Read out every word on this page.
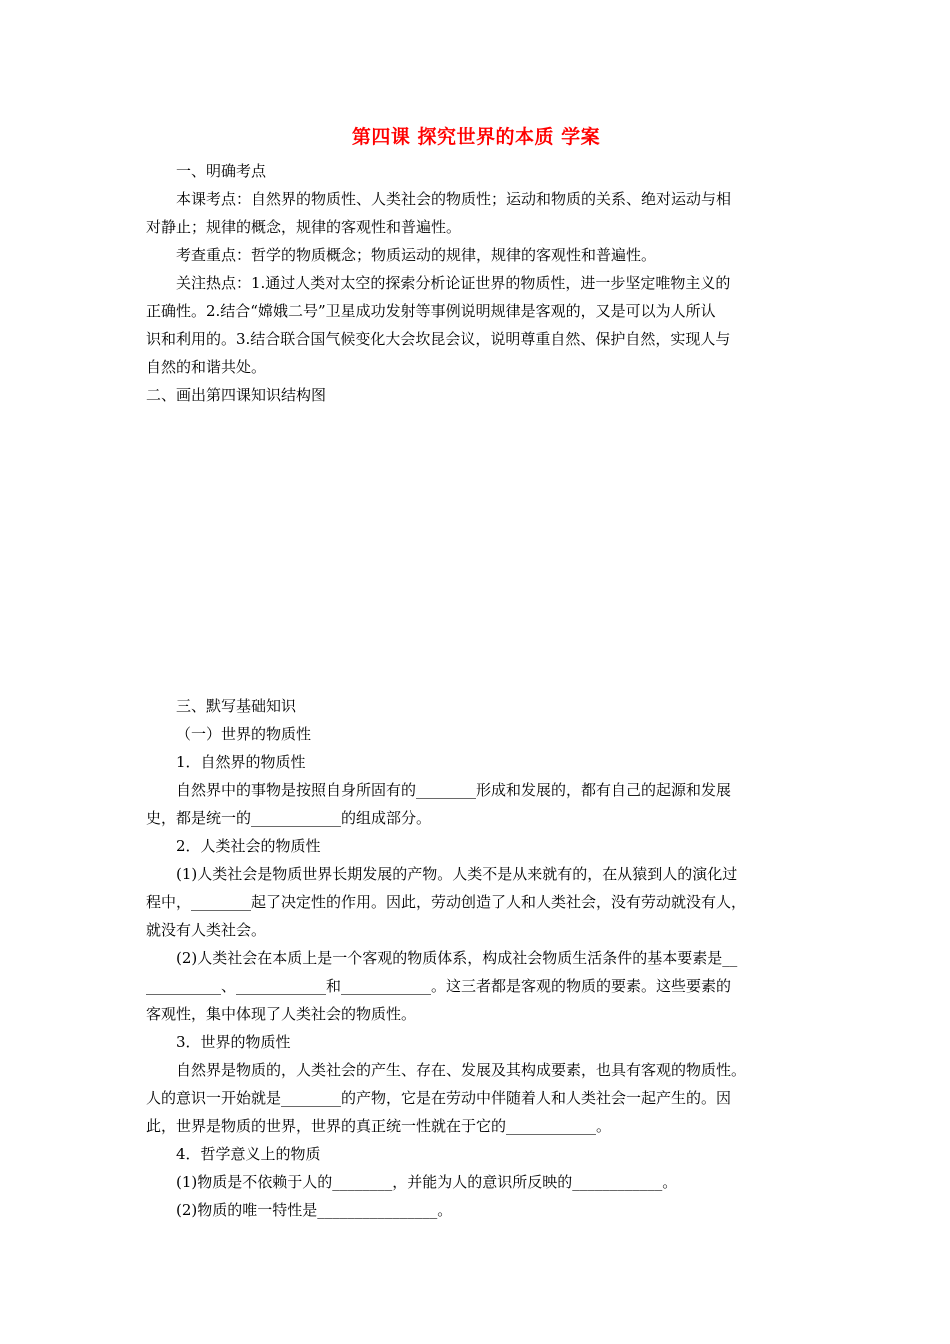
第四课 探究世界的本质 学案
一、明确考点
本课考点：自然界的物质性、人类社会的物质性；运动和物质的关系、绝对运动与相
对静止；规律的概念，规律的客观性和普遍性。
考查重点：哲学的物质概念；物质运动的规律，规律的客观性和普遍性。
关注热点：1.通过人类对太空的探索分析论证世界的物质性，进一步坚定唯物主义的
正确性。2.结合“嫦娥二号”卫星成功发射等事例说明规律是客观的，又是可以为人所认
识和利用的。3.结合联合国气候变化大会坎昆会议，说明尊重自然、保护自然，实现人与
自然的和谐共处。
二、画出第四课知识结构图
三、默写基础知识
（一）世界的物质性
1．自然界的物质性
自然界中的事物是按照自身所固有的________形成和发展的，都有自己的起源和发展
史，都是统一的____________的组成部分。
2．人类社会的物质性
(1)人类社会是物质世界长期发展的产物。人类不是从来就有的，在从猿到人的演化过
程中，________起了决定性的作用。因此，劳动创造了人和人类社会，没有劳动就没有人，
就没有人类社会。
(2)人类社会在本质上是一个客观的物质体系，构成社会物质生活条件的基本要素是__
__________、____________和____________。这三者都是客观的物质的要素。这些要素的
客观性，集中体现了人类社会的物质性。
3．世界的物质性
自然界是物质的，人类社会的产生、存在、发展及其构成要素，也具有客观的物质性。
人的意识一开始就是________的产物，它是在劳动中伴随着人和人类社会一起产生的。因
此，世界是物质的世界，世界的真正统一性就在于它的____________。
4．哲学意义上的物质
(1)物质是不依赖于人的________，并能为人的意识所反映的____________。
(2)物质的唯一特性是________________。
